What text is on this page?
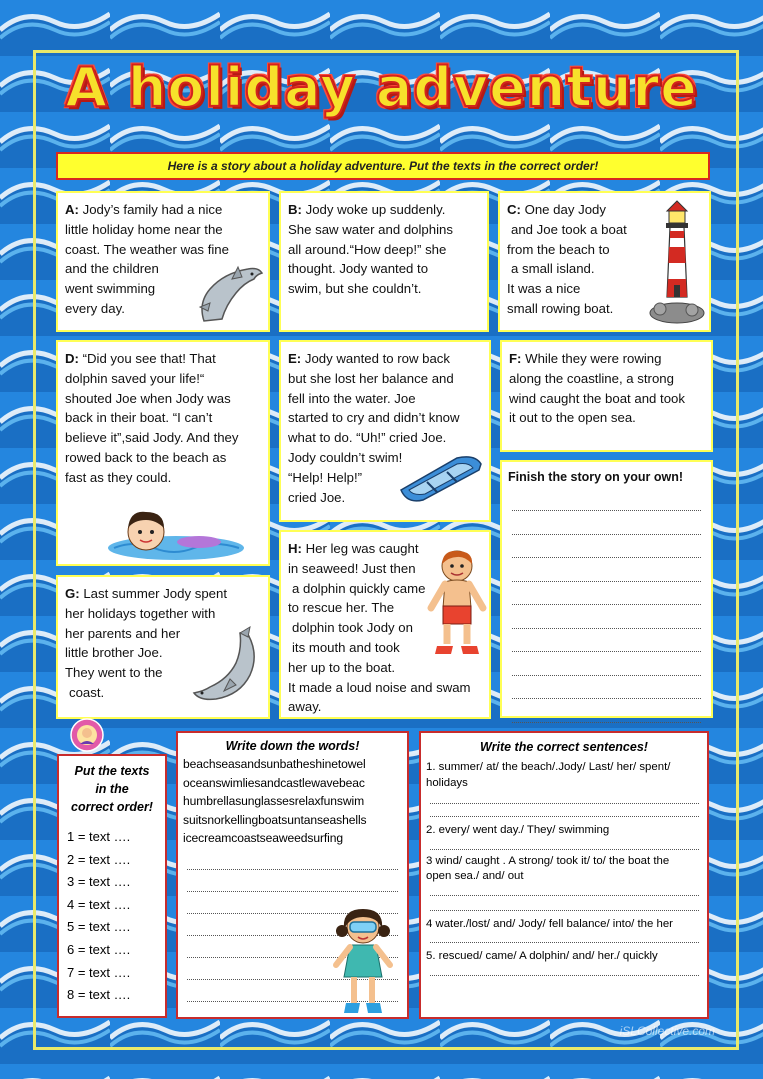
A holiday adventure
Here is a story about a holiday adventure. Put the texts in the correct order!
A: Jody’s family had a nice
little holiday home near the
coast. The weather was fine
and the children
went swimming
every day.
B: Jody woke up suddenly.
She saw water and dolphins
all around.“How deep!” she
thought. Jody wanted to
swim, but she couldn’t.
C: One day Jody
and Joe took a boat
from the beach to
a small island.
It was a nice
small rowing boat.
D: “Did you see that! That
dolphin saved your life!“
shouted Joe when Jody was
back in their boat. “I can’t
believe it”,said Jody. And they
rowed back to the beach as
fast as they could.
E: Jody wanted to row back
but she lost her balance and
fell into the water. Joe
started to cry and didn’t know
what to do. “Uh!” cried Joe.
Jody couldn’t swim!
“Help! Help!”
cried Joe.
F: While they were rowing
along the coastline, a strong
wind caught the boat and took
it out to the open sea.
Finish the story on your own!
G: Last summer Jody spent
her holidays together with
her parents and her
little brother Joe.
They went to the
coast.
H: Her leg was caught
in seaweed! Just then
a dolphin quickly came
to rescue her. The
dolphin took Jody on
its mouth and took
her up to the boat.
It made a loud noise and swam
away.
Put the texts
in the
correct order!
1 = text ….
2 = text ….
3 = text ….
4 = text ….
5 = text ….
6 = text ….
7 = text ….
8 = text ….
Write down the words!
beachseasandsunbatheshinetowel
oceanswimliesandcastlewavebeac
humbrellasunglassesrelaxfunswim
suitsnorkellingboatsuntanseashells
icecreamcoastseaweedsurfing
Write the correct sentences!
1. summer/ at/ the beach/.Jody/ Last/ her/ spent/
holidays
2. every/ went day./ They/ swimming
3 wind/ caught . A strong/ took it/ to/ the boat the
open sea./ and/ out
4 water./lost/ and/ Jody/ fell balance/ into/ the her
5. rescued/ came/ A dolphin/ and/ her./ quickly
iSLCollective.com
